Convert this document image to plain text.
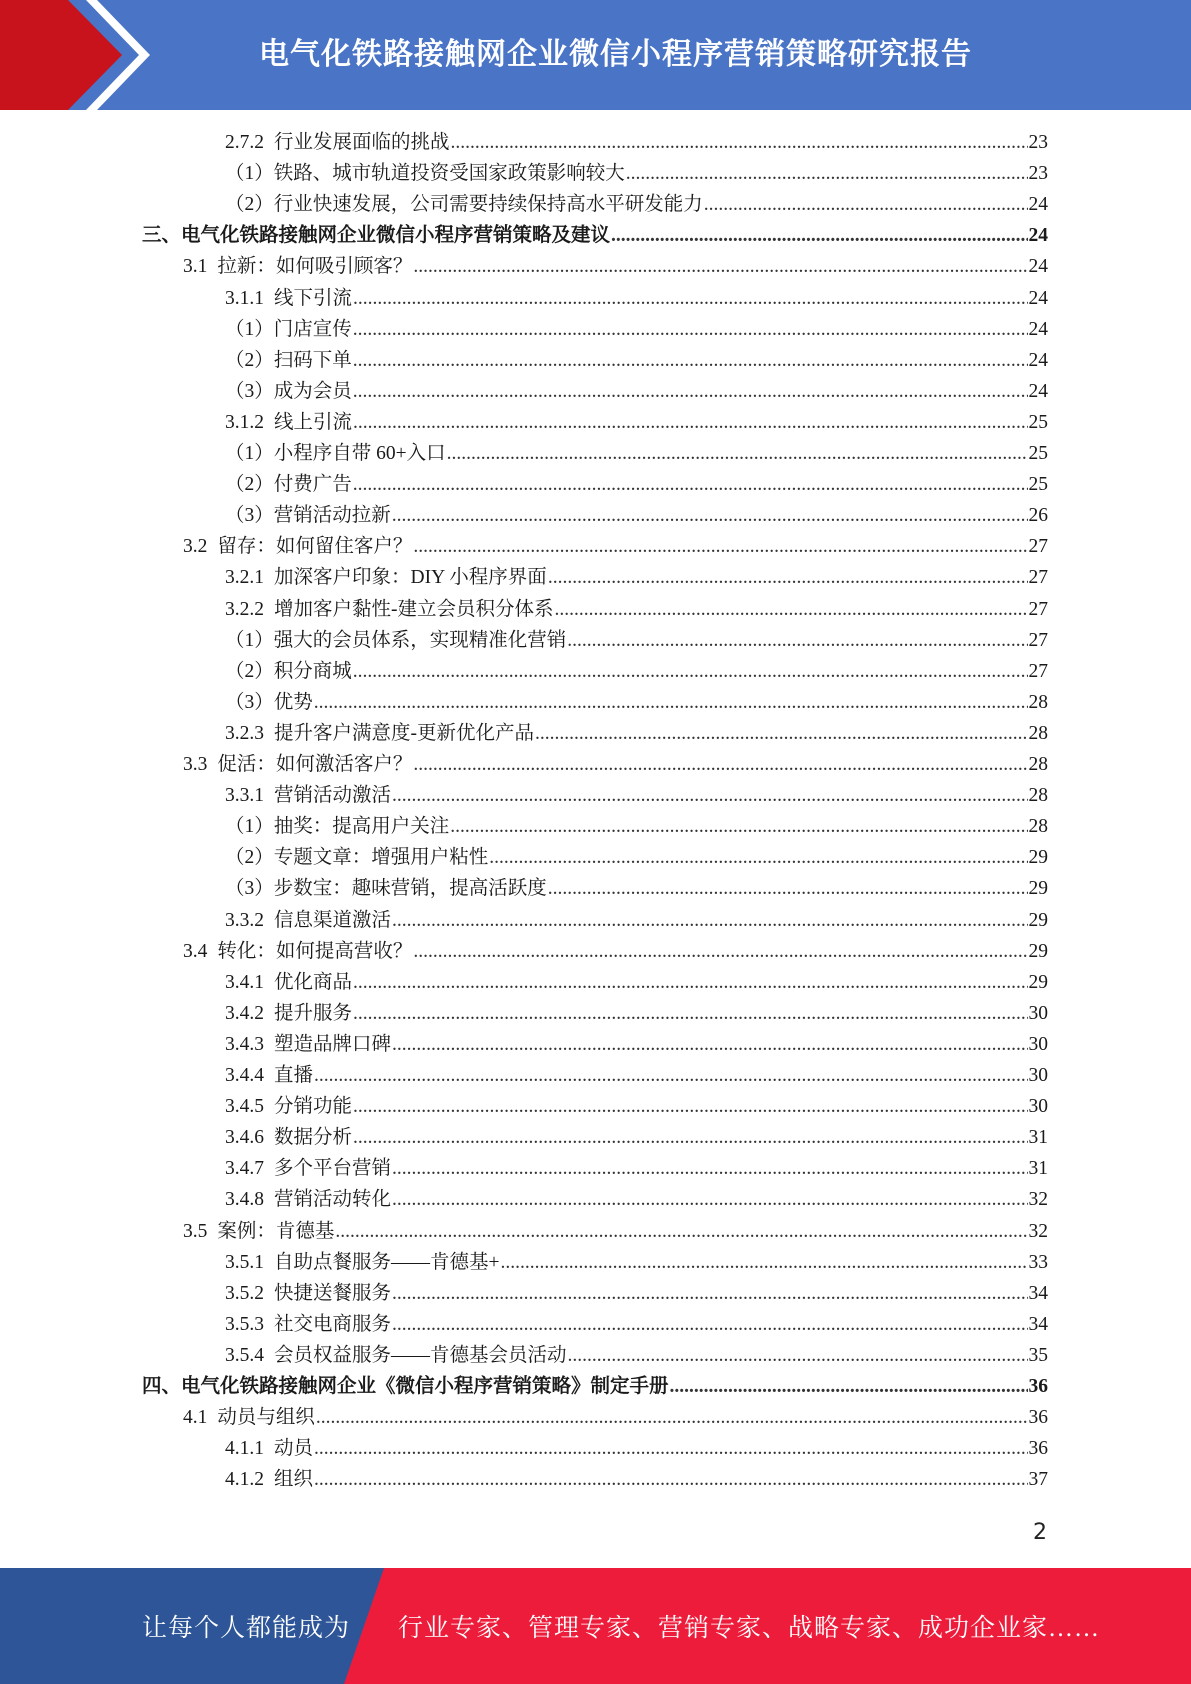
电气化铁路接触网企业微信小程序营销策略研究报告
2.7.2 行业发展面临的挑战 .....	23
（1）铁路、城市轨道投资受国家政策影响较大 .....	23
（2）行业快速发展，公司需要持续保持高水平研发能力 .....	24
三、电气化铁路接触网企业微信小程序营销策略及建议 .....	24
3.1 拉新：如何吸引顾客？ .....	24
3.1.1 线下引流 .....	24
（1）门店宣传 .....	24
（2）扫码下单 .....	24
（3）成为会员 .....	24
3.1.2 线上引流 .....	25
（1）小程序自带 60+入口 .....	25
（2）付费广告 .....	25
（3）营销活动拉新 .....	26
3.2 留存：如何留住客户？ .....	27
3.2.1 加深客户印象：DIY 小程序界面 .....	27
3.2.2 增加客户黏性-建立会员积分体系 .....	27
（1）强大的会员体系，实现精准化营销 .....	27
（2）积分商城 .....	27
（3）优势 .....	28
3.2.3 提升客户满意度-更新优化产品 .....	28
3.3 促活：如何激活客户？ .....	28
3.3.1 营销活动激活 .....	28
（1）抽奖：提高用户关注 .....	28
（2）专题文章：增强用户粘性 .....	29
（3）步数宝：趣味营销，提高活跃度 .....	29
3.3.2 信息渠道激活 .....	29
3.4 转化：如何提高营收？ .....	29
3.4.1 优化商品 .....	29
3.4.2 提升服务 .....	30
3.4.3 塑造品牌口碑 .....	30
3.4.4 直播 .....	30
3.4.5 分销功能 .....	30
3.4.6 数据分析 .....	31
3.4.7 多个平台营销 .....	31
3.4.8 营销活动转化 .....	32
3.5 案例：肯德基 .....	32
3.5.1 自助点餐服务——肯德基+ .....	33
3.5.2 快捷送餐服务 .....	34
3.5.3 社交电商服务 .....	34
3.5.4 会员权益服务——肯德基会员活动 .....	35
四、电气化铁路接触网企业《微信小程序营销策略》制定手册 .....	36
4.1 动员与组织 .....	36
4.1.1 动员 .....	36
4.1.2 组织 .....	37
2
让每个人都能成为 行业专家、管理专家、营销专家、战略专家、成功企业家……
